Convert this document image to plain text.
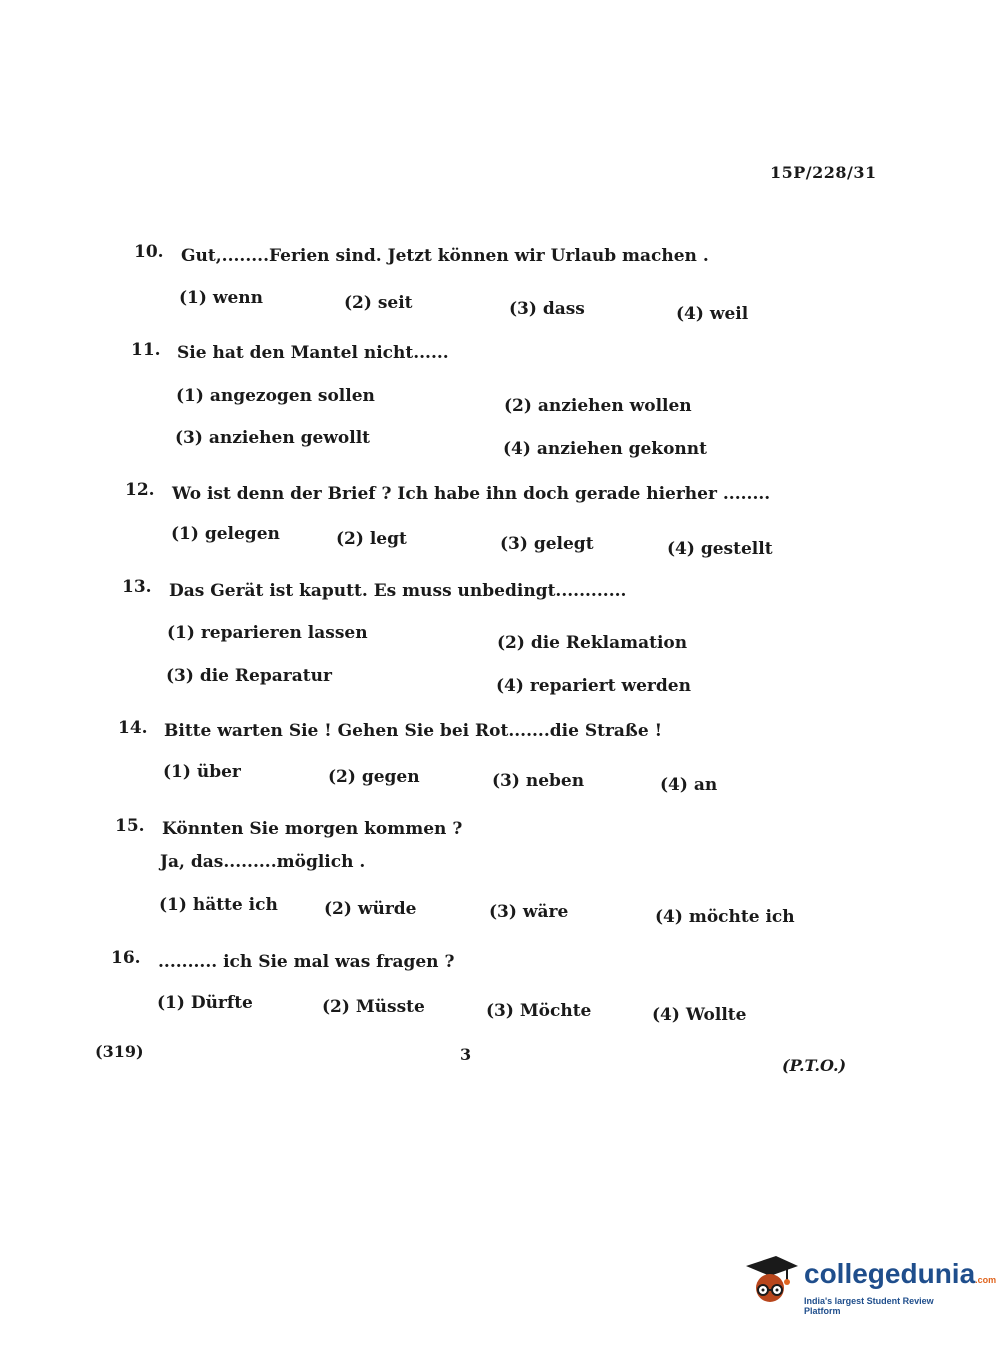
15P/228/31
10. Gut,........Ferien sind. Jetzt können wir Urlaub machen .
(1) wenn	(2) seit	(3) dass	(4) weil
11. Sie hat den Mantel nicht......
(1) angezogen sollen	(2) anziehen wollen
(3) anziehen gewollt
(4) anziehen gekonnt
12. Wo ist denn der Brief ? Ich habe ihn doch gerade hierher ........
(1) gelegen	(2) legt	(3) gelegt	(4) gestellt
13. Das Gerät ist kaputt. Es muss unbedingt............
(1) reparieren lassen	(2) die Reklamation
(3) die Reparatur	(4) repariert werden
14. Bitte warten Sie ! Gehen Sie bei Rot.......die Straße !
(1) über	(2) gegen	(3) neben	(4) an
15. Könnten Sie morgen kommen ?
Ja, das.........möglich .
(1) hätte ich	(2) würde	(3) wäre	(4) möchte ich
16. .......... ich Sie mal was fragen ?
(1) Dürfte	(2) Müsste	(3) Möchte	(4) Wollte
(319)	3
(P.T.O.)
collegedunia.com
India's largest Student Review Platform
